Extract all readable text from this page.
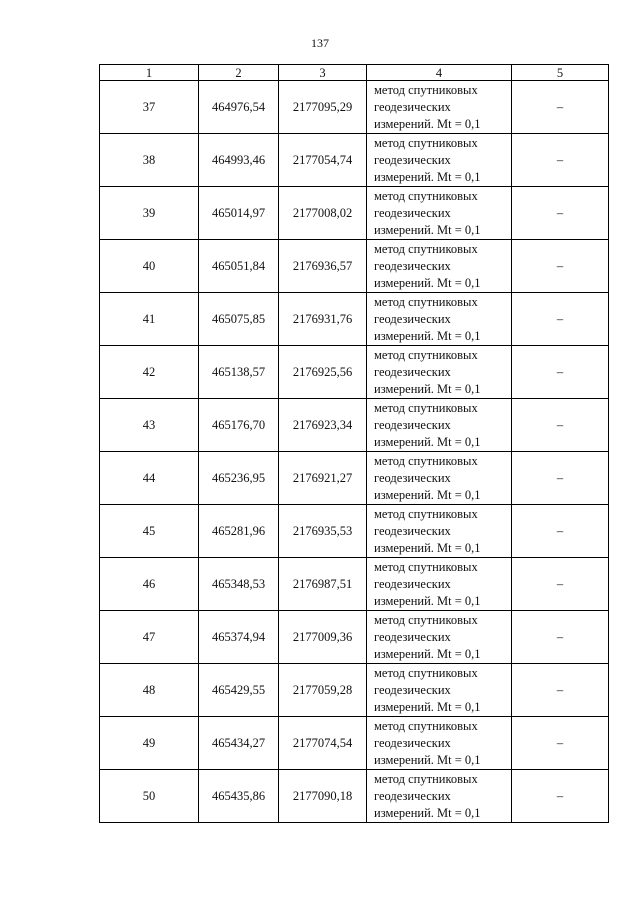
137
1	2	3	4	5
37	464976,54	2177095,29	метод спутниковых
геодезических
измерений. Mt = 0,1	–
38	464993,46	2177054,74	метод спутниковых
геодезических
измерений. Mt = 0,1	–
39	465014,97	2177008,02	метод спутниковых
геодезических
измерений. Mt = 0,1	–
40	465051,84	2176936,57	метод спутниковых
геодезических
измерений. Mt = 0,1	–
41	465075,85	2176931,76	метод спутниковых
геодезических
измерений. Mt = 0,1	–
42	465138,57	2176925,56	метод спутниковых
геодезических
измерений. Mt = 0,1	–
43	465176,70	2176923,34	метод спутниковых
геодезических
измерений. Mt = 0,1	–
44	465236,95	2176921,27	метод спутниковых
геодезических
измерений. Mt = 0,1	–
45	465281,96	2176935,53	метод спутниковых
геодезических
измерений. Mt = 0,1	–
46	465348,53	2176987,51	метод спутниковых
геодезических
измерений. Mt = 0,1	–
47	465374,94	2177009,36	метод спутниковых
геодезических
измерений. Mt = 0,1	–
48	465429,55	2177059,28	метод спутниковых
геодезических
измерений. Mt = 0,1	–
49	465434,27	2177074,54	метод спутниковых
геодезических
измерений. Mt = 0,1	–
50	465435,86	2177090,18	метод спутниковых
геодезических
измерений. Mt = 0,1	–
